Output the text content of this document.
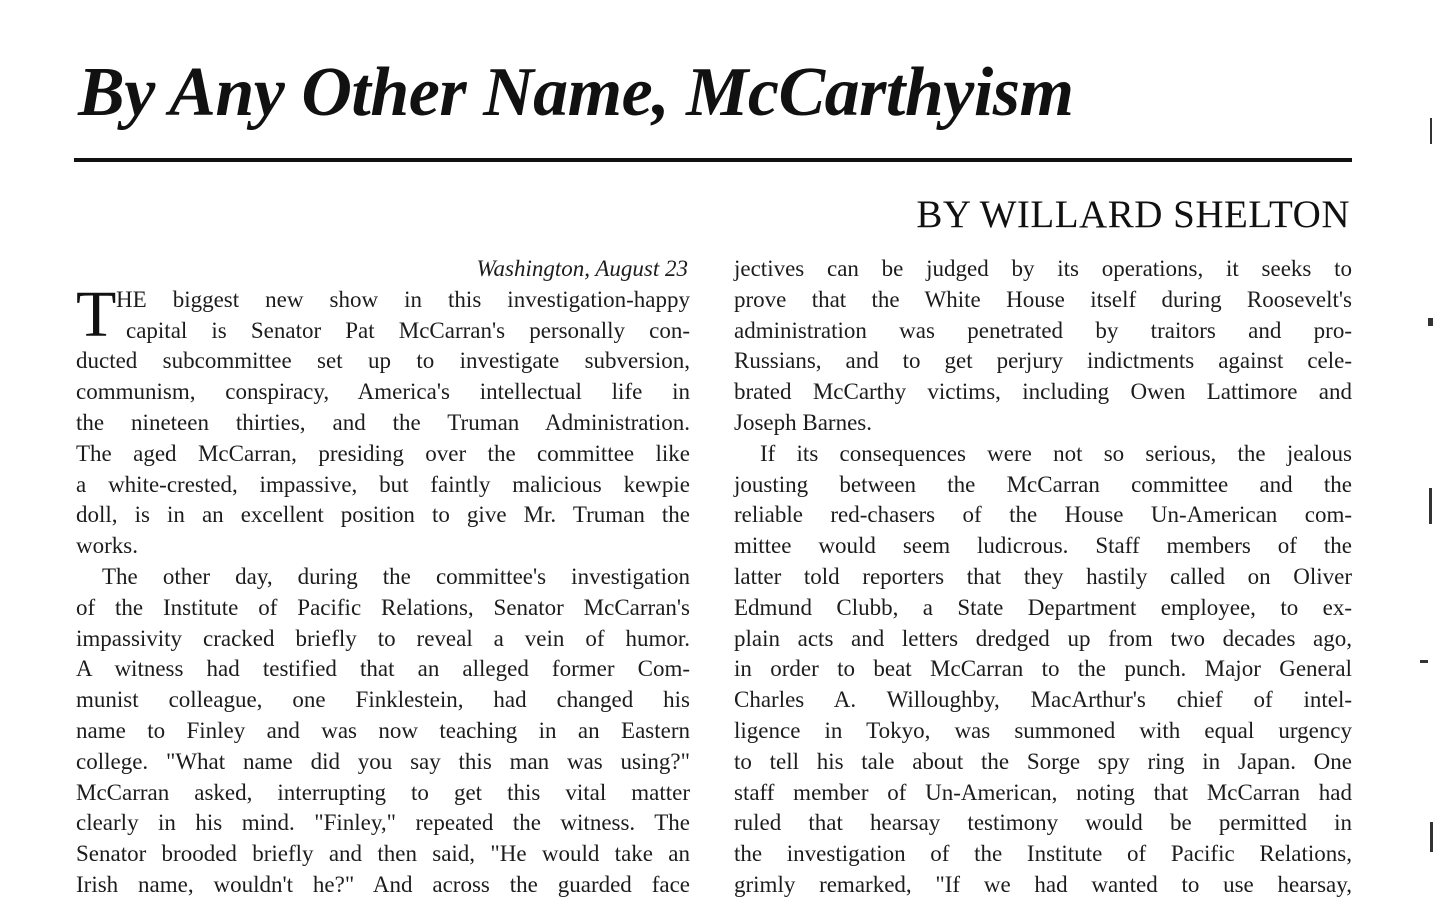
By Any Other Name, McCarthyism
BY WILLARD SHELTON
Washington, August 23
T HE biggest new show in this investigation-happy
capital is Senator Pat McCarran's personally con-
ducted subcommittee set up to investigate subversion,
communism, conspiracy, America's intellectual life in
the nineteen thirties, and the Truman Administration.
The aged McCarran, presiding over the committee like
a white-crested, impassive, but faintly malicious kewpie
doll, is in an excellent position to give Mr. Truman the
works.
The other day, during the committee's investigation
of the Institute of Pacific Relations, Senator McCarran's
impassivity cracked briefly to reveal a vein of humor.
A witness had testified that an alleged former Com-
munist colleague, one Finklestein, had changed his
name to Finley and was now teaching in an Eastern
college. "What name did you say this man was using?"
McCarran asked, interrupting to get this vital matter
clearly in his mind. "Finley," repeated the witness. The
Senator brooded briefly and then said, "He would take an
Irish name, wouldn't he?" And across the guarded face
jectives can be judged by its operations, it seeks to
prove that the White House itself during Roosevelt's
administration was penetrated by traitors and pro-
Russians, and to get perjury indictments against cele-
brated McCarthy victims, including Owen Lattimore and
Joseph Barnes.
If its consequences were not so serious, the jealous
jousting between the McCarran committee and the
reliable red-chasers of the House Un-American com-
mittee would seem ludicrous. Staff members of the
latter told reporters that they hastily called on Oliver
Edmund Clubb, a State Department employee, to ex-
plain acts and letters dredged up from two decades ago,
in order to beat McCarran to the punch. Major General
Charles A. Willoughby, MacArthur's chief of intel-
ligence in Tokyo, was summoned with equal urgency
to tell his tale about the Sorge spy ring in Japan. One
staff member of Un-American, noting that McCarran had
ruled that hearsay testimony would be permitted in
the investigation of the Institute of Pacific Relations,
grimly remarked, "If we had wanted to use hearsay,
